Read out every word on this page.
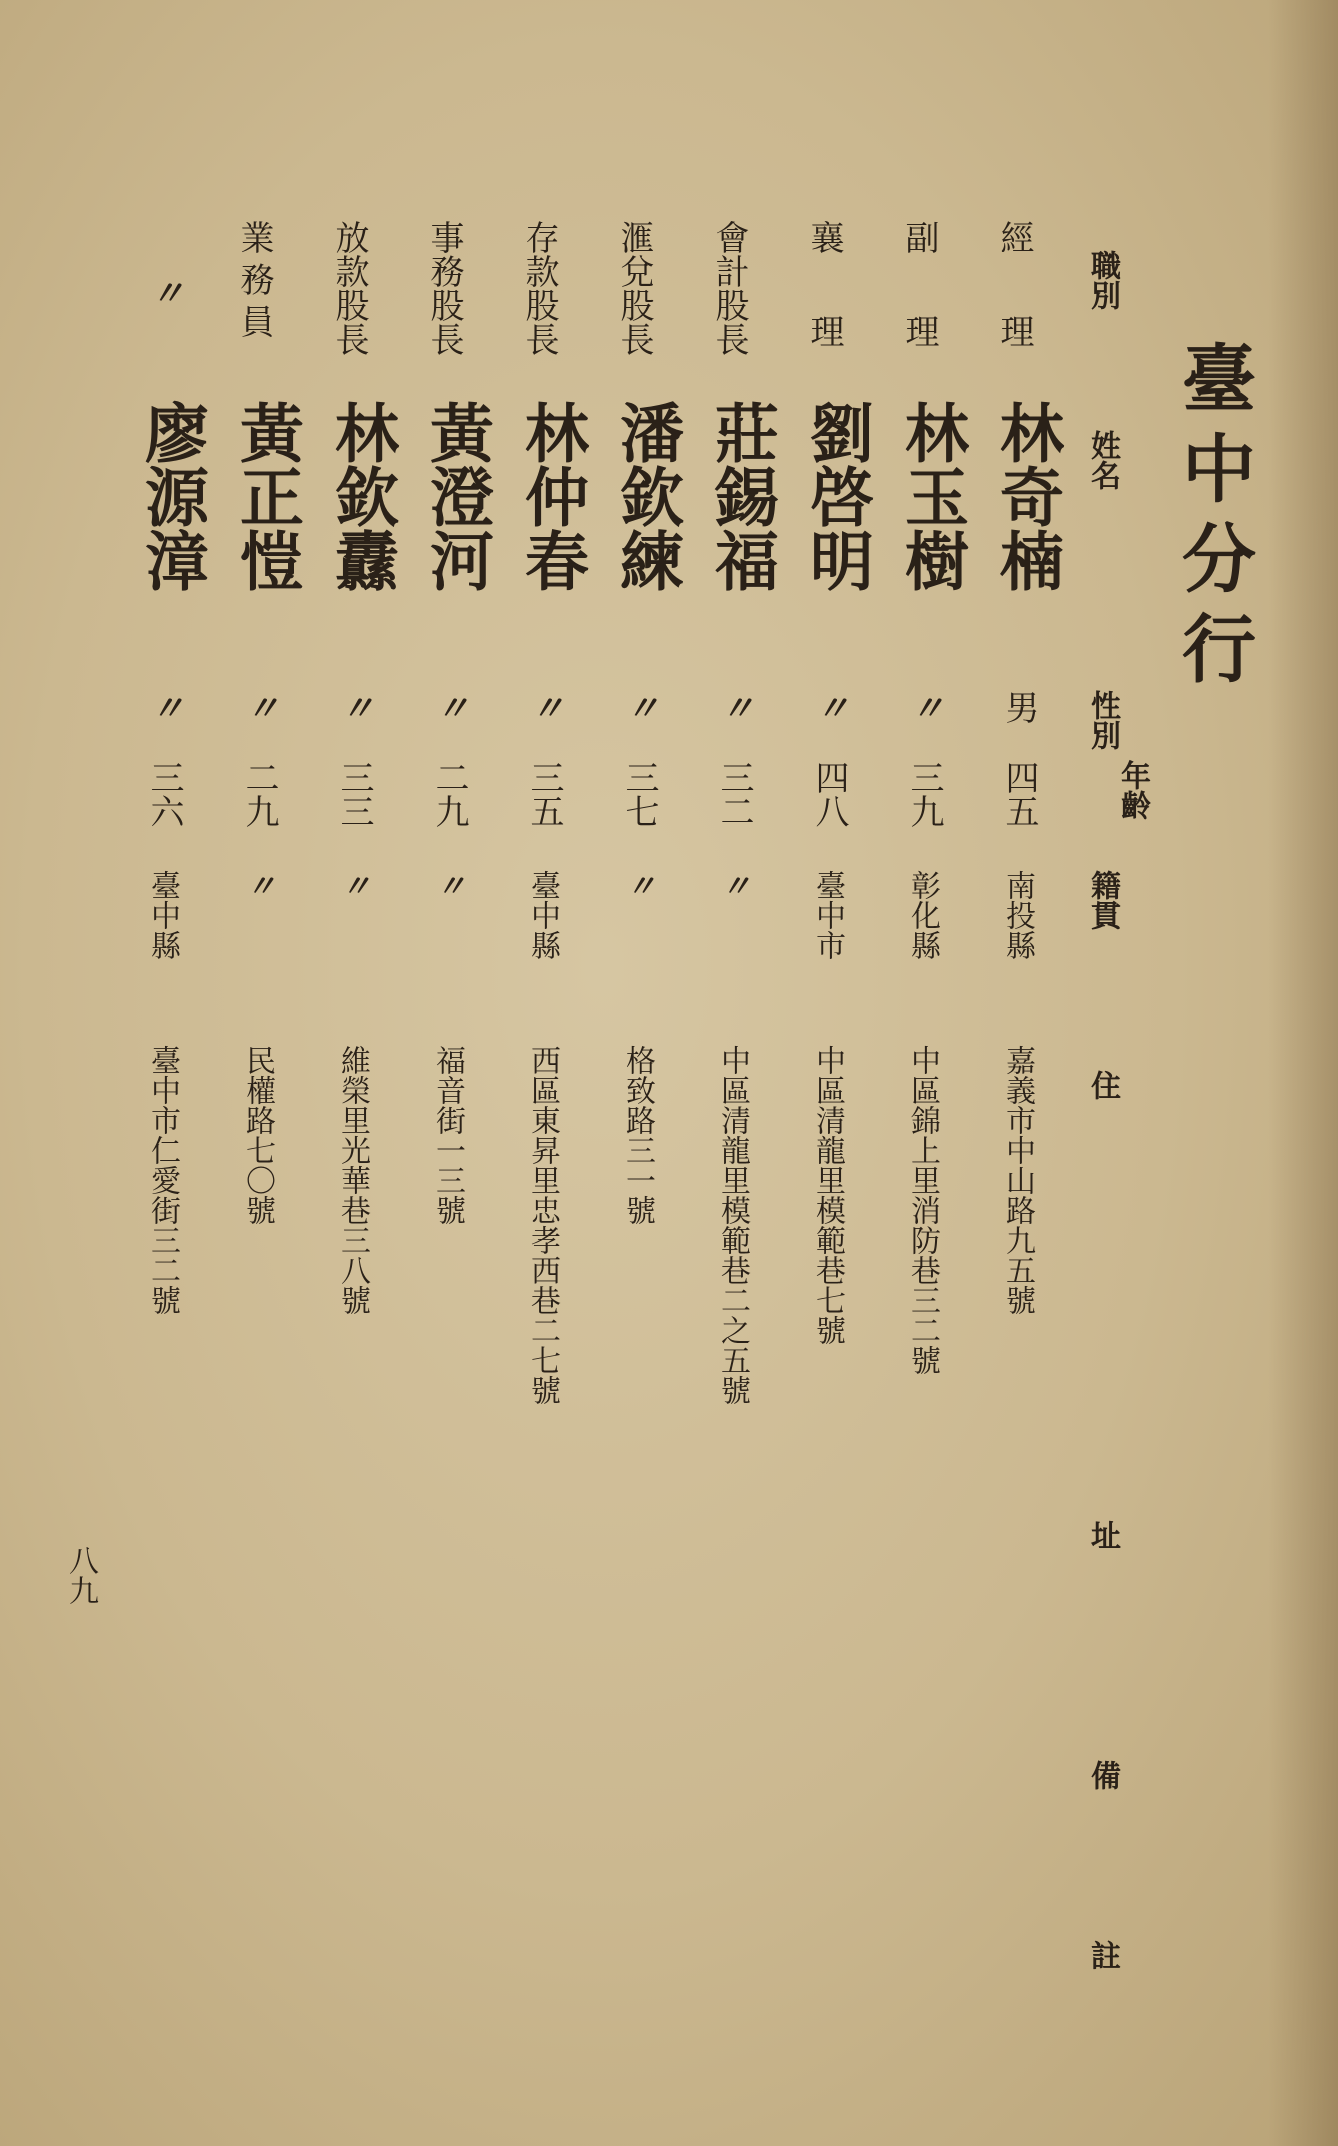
臺中分行
職別
姓名
性別
年齡
籍貫
住
址
備
註
經理
林奇楠
男
四五
南投縣
嘉義市中山路九五號
副理
林玉樹
〃
三九
彰化縣
中區錦上里消防巷三二號
襄理
劉啓明
〃
四八
臺中市
中區清龍里模範巷七號
會計股長
莊錫福
〃
三二
〃
中區清龍里模範巷二之五號
滙兌股長
潘欽練
〃
三七
〃
格致路三一號
存款股長
林仲春
〃
三五
臺中縣
西區東昇里忠孝西巷二七號
事務股長
黃澄河
〃
二九
〃
福音街一三號
放款股長
林欽纛
〃
三三
〃
維榮里光華巷三八號
業務員
黃正愷
〃
二九
〃
民權路七〇號
〃
廖源漳
〃
三六
臺中縣
臺中市仁愛街三二號
八九
